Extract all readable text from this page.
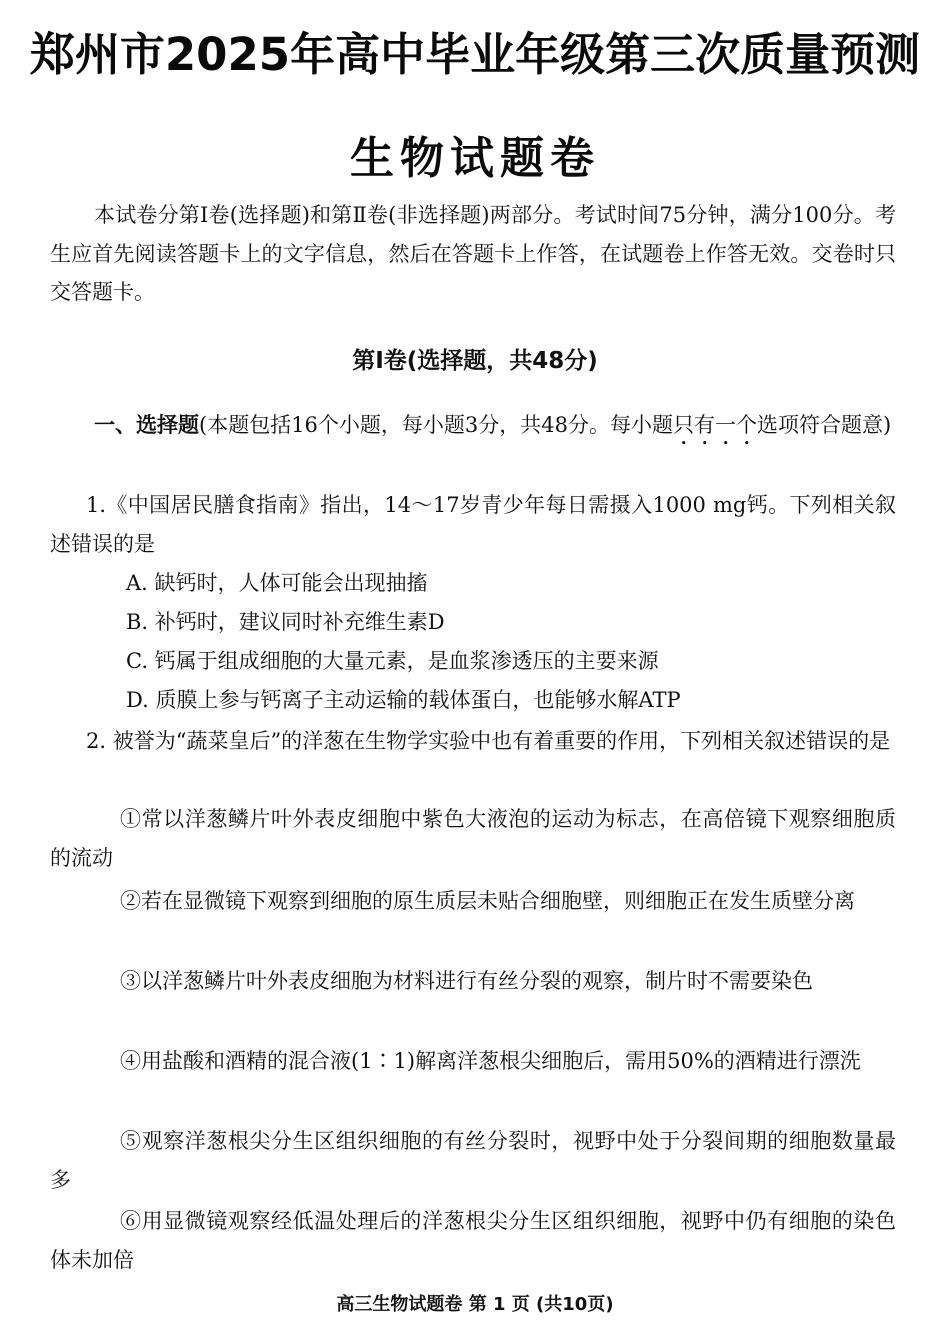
郑州市2025年高中毕业年级第三次质量预测
生物试题卷
本试卷分第Ⅰ卷(选择题)和第Ⅱ卷(非选择题)两部分。考试时间75分钟，满分100分。考生应首先阅读答题卡上的文字信息，然后在答题卡上作答，在试题卷上作答无效。交卷时只交答题卡。
第Ⅰ卷(选择题，共48分)
一、选择题(本题包括16个小题，每小题3分，共48分。每小题只有一个选项符合题意)
1.《中国居民膳食指南》指出，14～17岁青少年每日需摄入1000 mg钙。下列相关叙述错误的是
A. 缺钙时，人体可能会出现抽搐
B. 补钙时，建议同时补充维生素D
C. 钙属于组成细胞的大量元素，是血浆渗透压的主要来源
D. 质膜上参与钙离子主动运输的载体蛋白，也能够水解ATP
2. 被誉为“蔬菜皇后”的洋葱在生物学实验中也有着重要的作用，下列相关叙述错误的是
①常以洋葱鳞片叶外表皮细胞中紫色大液泡的运动为标志，在高倍镜下观察细胞质的流动
②若在显微镜下观察到细胞的原生质层未贴合细胞壁，则细胞正在发生质壁分离
③以洋葱鳞片叶外表皮细胞为材料进行有丝分裂的观察，制片时不需要染色
④用盐酸和酒精的混合液(1∶1)解离洋葱根尖细胞后，需用50%的酒精进行漂洗
⑤观察洋葱根尖分生区组织细胞的有丝分裂时，视野中处于分裂间期的细胞数量最多
⑥用显微镜观察经低温处理后的洋葱根尖分生区组织细胞，视野中仍有细胞的染色体未加倍
高三生物试题卷 第 1 页 (共10页)
